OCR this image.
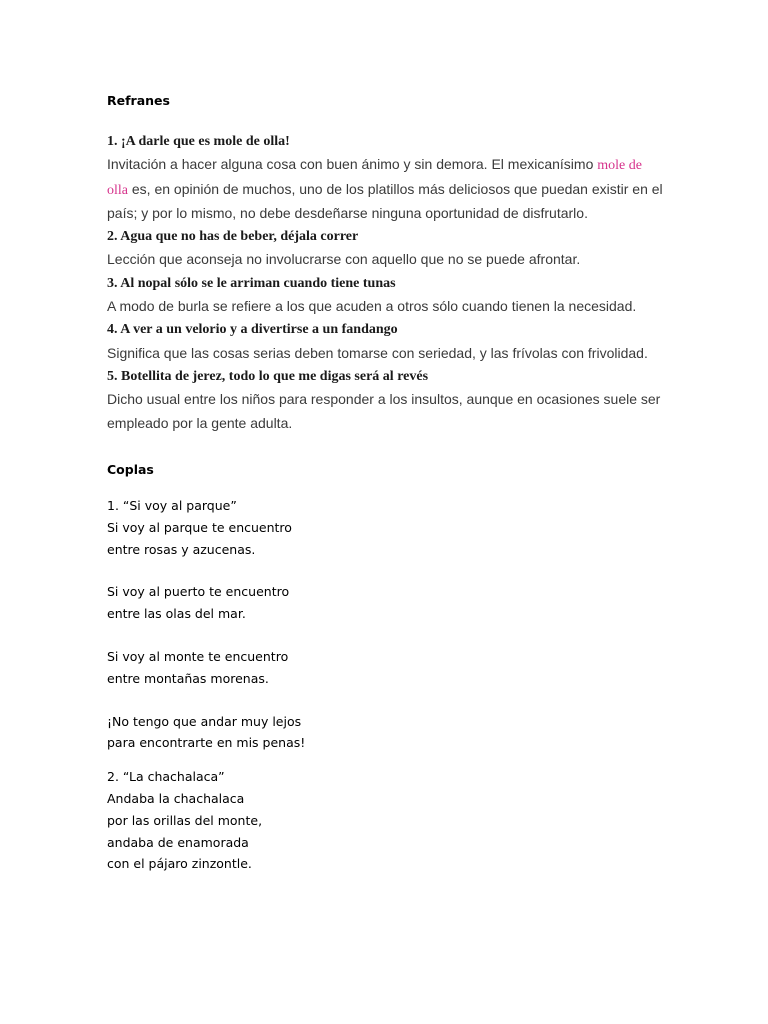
Refranes
1. ¡A darle que es mole de olla!
Invitación a hacer alguna cosa con buen ánimo y sin demora. El mexicanísimo mole de
olla es, en opinión de muchos, uno de los platillos más deliciosos que puedan existir en el
país; y por lo mismo, no debe desdeñarse ninguna oportunidad de disfrutarlo.
2. Agua que no has de beber, déjala correr
Lección que aconseja no involucrarse con aquello que no se puede afrontar.
3. Al nopal sólo se le arriman cuando tiene tunas
A modo de burla se refiere a los que acuden a otros sólo cuando tienen la necesidad.
4. A ver a un velorio y a divertirse a un fandango
Significa que las cosas serias deben tomarse con seriedad, y las frívolas con frivolidad.
5. Botellita de jerez, todo lo que me digas será al revés
Dicho usual entre los niños para responder a los insultos, aunque en ocasiones suele ser
empleado por la gente adulta.
Coplas
1. “Si voy al parque”
Si voy al parque te encuentro
entre rosas y azucenas.
Si voy al puerto te encuentro
entre las olas del mar.
Si voy al monte te encuentro
entre montañas morenas.
¡No tengo que andar muy lejos
para encontrarte en mis penas!
2. “La chachalaca”
Andaba la chachalaca
por las orillas del monte,
andaba de enamorada
con el pájaro zinzontle.
